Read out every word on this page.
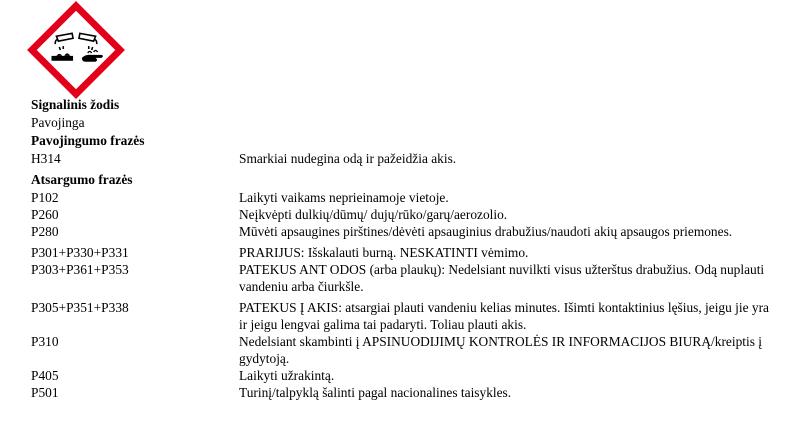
Signalinis žodis
Pavojinga
Pavojingumo frazės
H314	Smarkiai nudegina odą ir pažeidžia akis.
Atsargumo frazės
P102	Laikyti vaikams neprieinamoje vietoje.
P260	Neįkvėpti dulkių/dūmų/ dujų/rūko/garų/aerozolio.
P280	Mūvėti apsaugines pirštines/dėvėti apsauginius drabužius/naudoti akių apsaugos priemones.
P301+P330+P331	PRARIJUS: Išskalauti burną. NESKATINTI vėmimo.
P303+P361+P353	PATEKUS ANT ODOS (arba plaukų): Nedelsiant nuvilkti visus užterštus drabužius. Odą nuplauti vandeniu arba čiurkšle.
P305+P351+P338	PATEKUS Į AKIS: atsargiai plauti vandeniu kelias minutes. Išimti kontaktinius lęšius, jeigu jie yra ir jeigu lengvai galima tai padaryti. Toliau plauti akis.
P310	Nedelsiant skambinti į APSINUODIJIMŲ KONTROLĖS IR INFORMACIJOS BIURĄ/kreiptis į gydytoją.
P405	Laikyti užrakintą.
P501	Turinį/talpyklą šalinti pagal nacionalines taisykles.
